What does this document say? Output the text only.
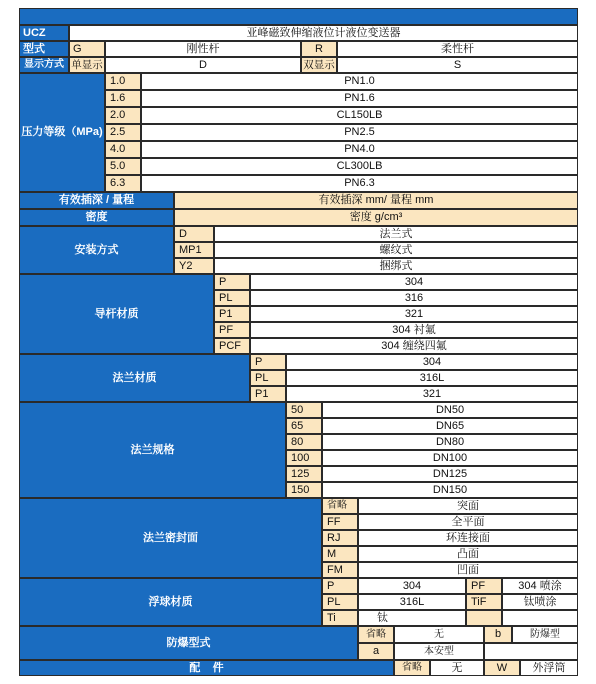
UCZ	亚峰磁致伸缩液位计液位变送器
型式	G	刚性杆	R	柔性杆
显示方式 单显示	D	双显示	S
压力等级（MPa)
1.0	PN1.0
1.6	PN1.6
2.0	CL150LB
2.5	PN2.5
4.0	PN4.0
5.0	CL300LB
6.3	PN6.3
有效插深 / 量程	有效插深 mm/ 量程 mm
密度	密度 g/cm³
安装方式
D	法兰式
MP1	螺纹式
Y2	捆绑式
导杆材质
P	304
PL	316
P1	321
PF	304 衬氟
PCF	304 缠绕四氟
法兰材质
P	304
PL	316L
P1	321
法兰规格
50	DN50
65	DN65
80	DN80
100	DN100
125	DN125
150	DN150
法兰密封面
省略	突面
FF	全平面
RJ	环连接面
M	凸面
FM	凹面
浮球材质
P	304	PF	304 喷涂
PL	316L	TiF	钛喷涂
Ti	钛
防爆型式
省略	无	b	防爆型
a	本安型
配    件	省略	无	W	外浮筒
